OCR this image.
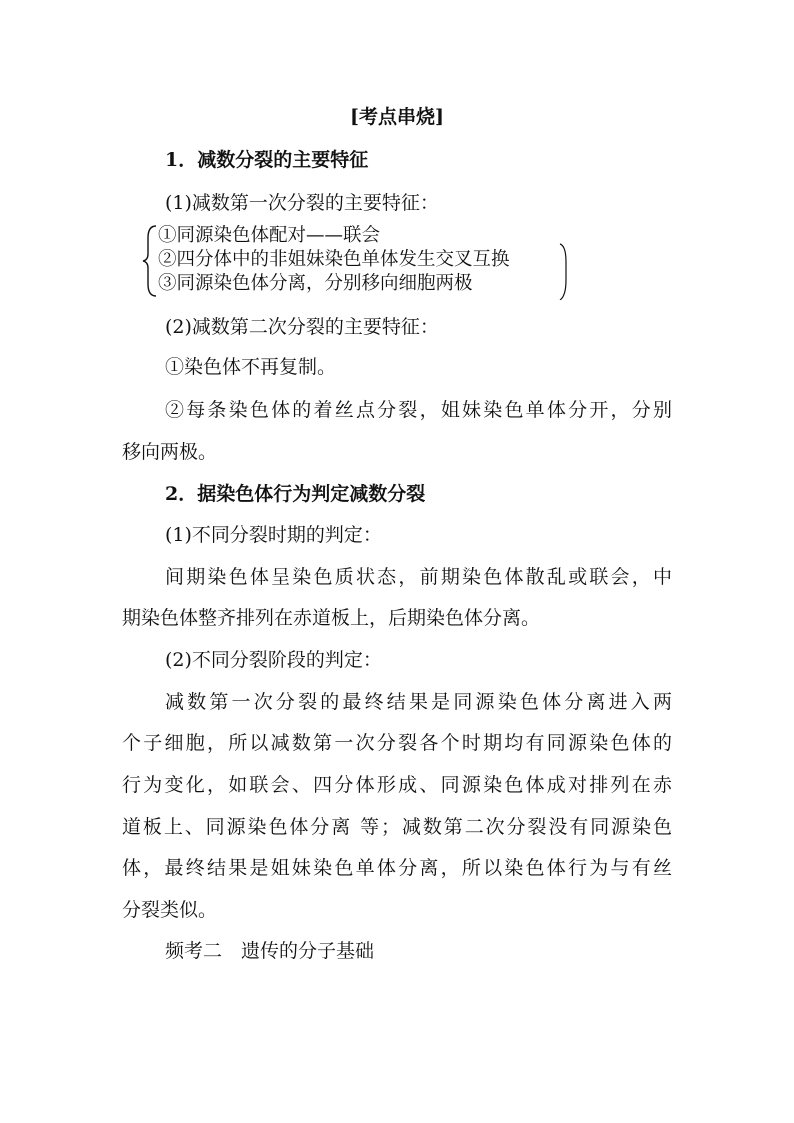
[考点串烧]
1．减数分裂的主要特征
(1)减数第一次分裂的主要特征：
①同源染色体配对——联会
②四分体中的非姐妹染色单体发生交叉互换
③同源染色体分离，分别移向细胞两极
(2)减数第二次分裂的主要特征：
①染色体不再复制。
②每条染色体的着丝点分裂，姐妹染色单体分开，分别
移向两极。
2．据染色体行为判定减数分裂
(1)不同分裂时期的判定：
间期染色体呈染色质状态，前期染色体散乱或联会，中
期染色体整齐排列在赤道板上，后期染色体分离。
(2)不同分裂阶段的判定：
减数第一次分裂的最终结果是同源染色体分离进入两
个子细胞，所以减数第一次分裂各个时期均有同源染色体的
行为变化，如联会、四分体形成、同源染色体成对排列在赤
道板上、同源染色体分离 等；减数第二次分裂没有同源染色
体，最终结果是姐妹染色单体分离，所以染色体行为与有丝
分裂类似。
频考二　遗传的分子基础
